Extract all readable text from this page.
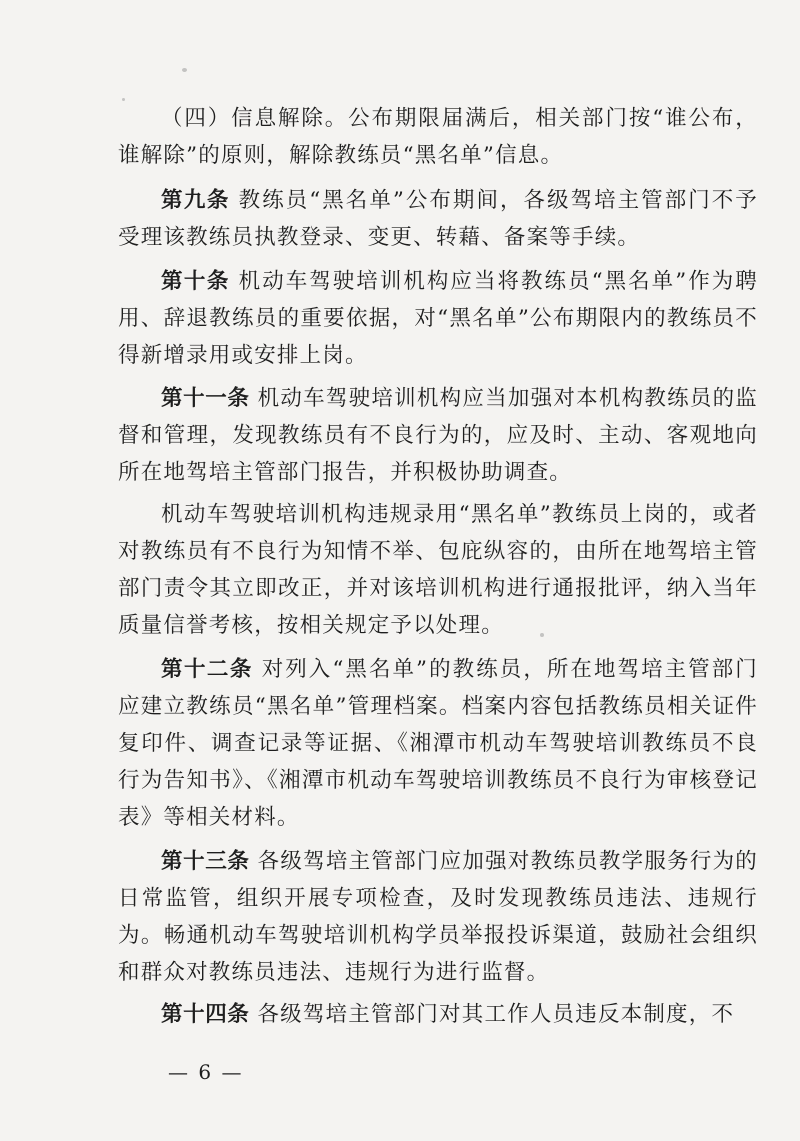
（四）信息解除。公布期限届满后，相关部门按“谁公布，谁解除”的原则，解除教练员“黑名单”信息。

第九条 教练员“黑名单”公布期间，各级驾培主管部门不予受理该教练员执教登录、变更、转藉、备案等手续。

第十条 机动车驾驶培训机构应当将教练员“黑名单”作为聘用、辞退教练员的重要依据，对“黑名单”公布期限内的教练员不得新增录用或安排上岗。

第十一条 机动车驾驶培训机构应当加强对本机构教练员的监督和管理，发现教练员有不良行为的，应及时、主动、客观地向所在地驾培主管部门报告，并积极协助调查。

机动车驾驶培训机构违规录用“黑名单”教练员上岗的，或者对教练员有不良行为知情不举、包庇纵容的，由所在地驾培主管部门责令其立即改正，并对该培训机构进行通报批评，纳入当年质量信誉考核，按相关规定予以处理。

第十二条 对列入“黑名单”的教练员，所在地驾培主管部门应建立教练员“黑名单”管理档案。档案内容包括教练员相关证件复印件、调查记录等证据、《湘潭市机动车驾驶培训教练员不良行为告知书》、《湘潭市机动车驾驶培训教练员不良行为审核登记表》等相关材料。

第十三条 各级驾培主管部门应加强对教练员教学服务行为的日常监管，组织开展专项检查，及时发现教练员违法、违规行为。畅通机动车驾驶培训机构学员举报投诉渠道，鼓励社会组织和群众对教练员违法、违规行为进行监督。

第十四条 各级驾培主管部门对其工作人员违反本制度，不

— 6 —
